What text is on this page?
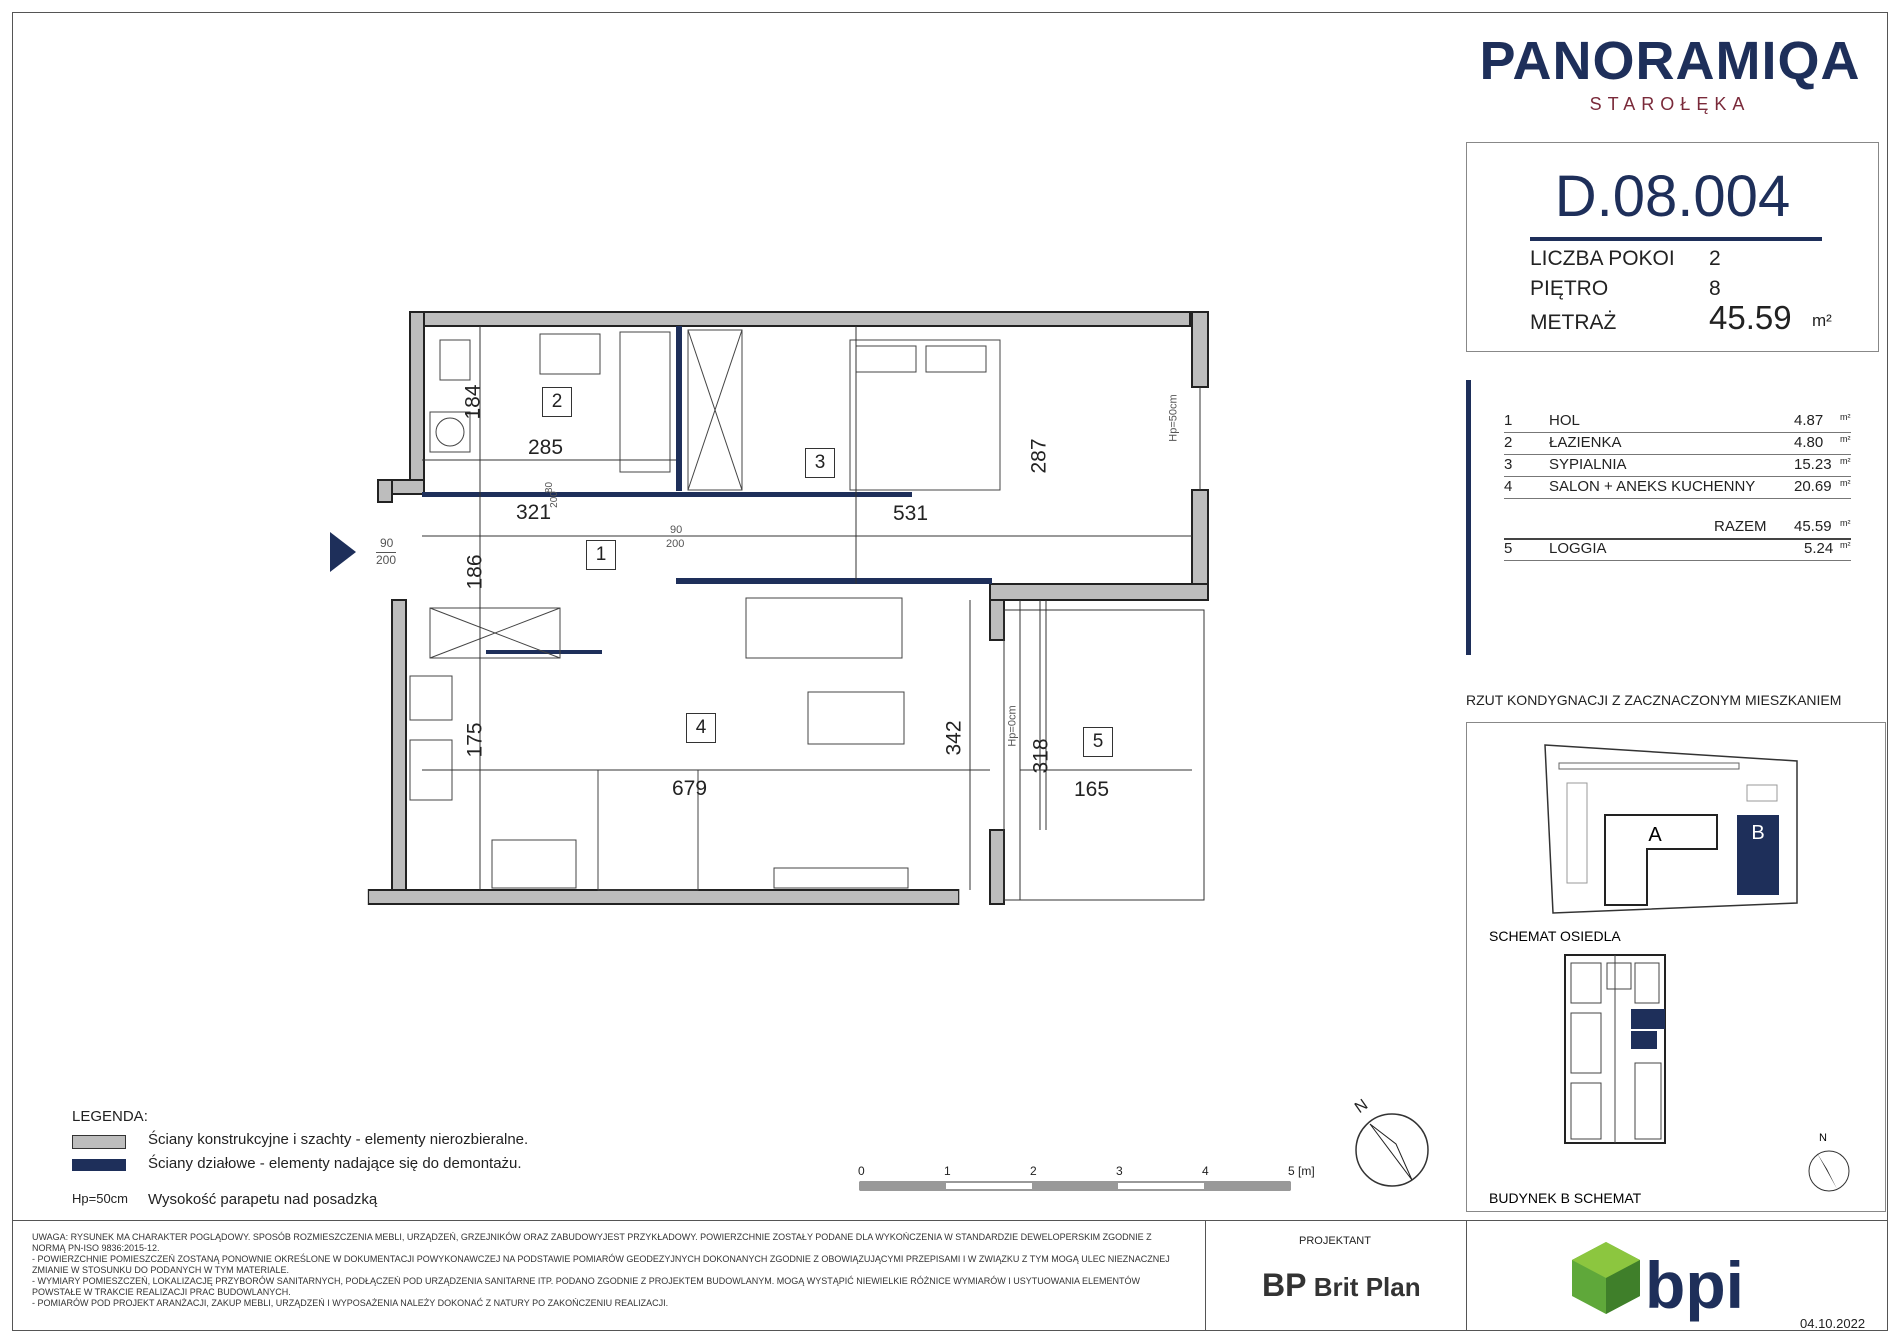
PANORAMIQA
STAROŁĘKA
D.08.004
LICZBA POKOI 2
PIĘTRO	8
METRAŻ	45.59 m²
1 HOL	4.87 m²
2 ŁAZIENKA	4.80 m²
3 SYPIALNIA	15.23 m²
4 SALON + ANEKS KUCHENNY	20.69 m²
RAZEM 45.59 m²
5 LOGGIA	5.24 m²
RZUT KONDYGNACJI Z ZACZNACZONYM MIESZKANIEM
A	B
SCHEMAT OSIEDLA
N
BUDYNEK B SCHEMAT
2
3
1
4
5
184
285
321	531
287
186
175
679
342
318
165
90
200
80
200
90
200
Hp=50cm
Hp=0cm
0	1	2	3	4	5 [m]
N
LEGENDA:
Ściany konstrukcyjne i szachty - elementy nierozbieralne.
Ściany działowe - elementy nadające się do demontażu.
Hp=50cm Wysokość parapetu nad posadzką
UWAGA: RYSUNEK MA CHARAKTER POGLĄDOWY. SPOSÓB ROZMIESZCZENIA MEBLI, URZĄDZEŃ, GRZEJNIKÓW ORAZ ZABUDOWYJEST PRZYKŁADOWY. POWIERZCHNIE ZOSTAŁY PODANE DLA WYKOŃCZENIA W STANDARDZIE DEWELOPERSKIM ZGODNIE Z NORMĄ PN-ISO 9836:2015-12.
- POWIERZCHNIE POMIESZCZEŃ ZOSTANĄ PONOWNIE OKREŚLONE W DOKUMENTACJI POWYKONAWCZEJ NA PODSTAWIE POMIARÓW GEODEZYJNYCH DOKONANYCH ZGODNIE Z OBOWIĄZUJĄCYMI PRZEPISAMI I W ZWIĄZKU Z TYM MOGĄ ULEC NIEZNACZNEJ ZMIANIE W STOSUNKU DO PODANYCH W TYM MATERIALE.
- WYMIARY POMIESZCZEŃ, LOKALIZACJĘ PRZYBORÓW SANITARNYCH, PODŁĄCZEŃ POD URZĄDZENIA SANITARNE ITP. PODANO ZGODNIE Z PROJEKTEM BUDOWLANYM. MOGĄ WYSTĄPIĆ NIEWIELKIE RÓŻNICE WYMIARÓW I USYTUOWANIA ELEMENTÓW POWSTAŁE W TRAKCIE REALIZACJI PRAC BUDOWLANYCH.
- POMIARÓW POD PROJEKT ARANŻACJI, ZAKUP MEBLI, URZĄDZEŃ I WYPOSAŻENIA NALEŻY DOKONAĆ Z NATURY PO ZAKOŃCZENIU REALIZACJI.
PROJEKTANT
BP Brit Plan	bpi
04.10.2022
